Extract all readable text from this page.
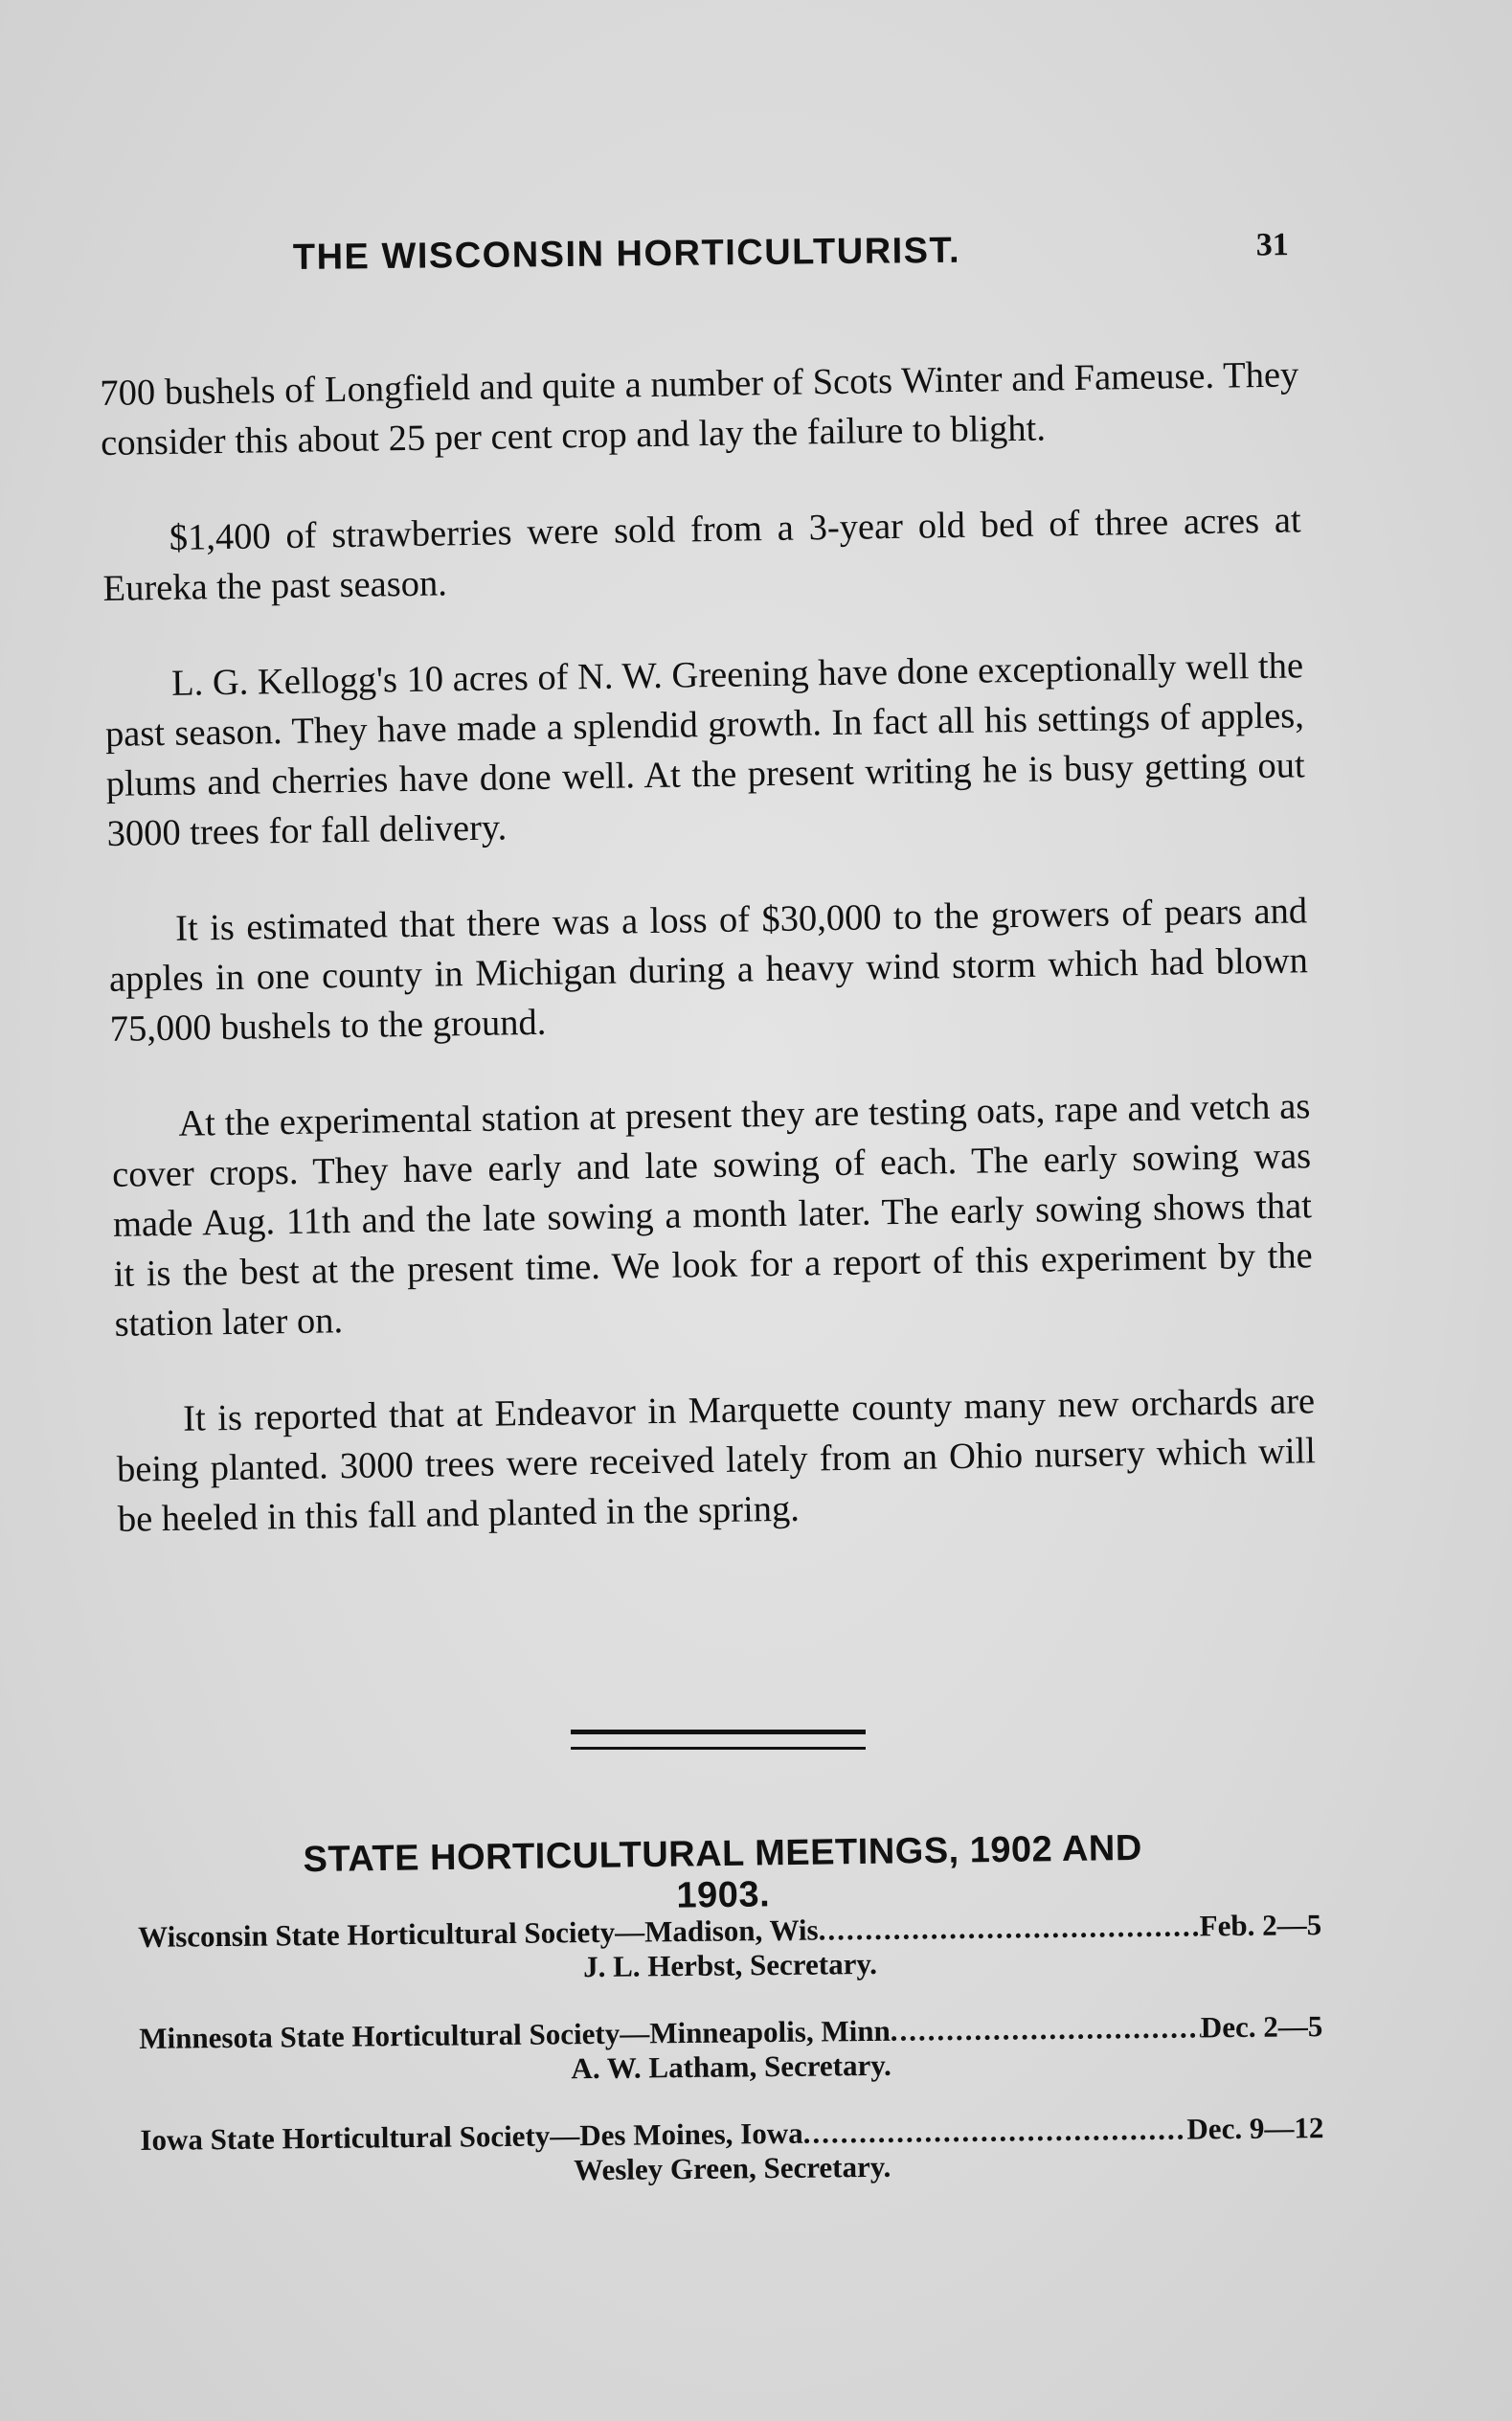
THE WISCONSIN HORTICULTURIST.	31

700 bushels of Longfield and quite a number of Scots Winter and Fameuse. They consider this about 25 per cent crop and lay the failure to blight.

$1,400 of strawberries were sold from a 3-year old bed of three acres at Eureka the past season.

L. G. Kellogg's 10 acres of N. W. Greening have done exceptionally well the past season. They have made a splendid growth. In fact all his settings of apples, plums and cherries have done well. At the present writing he is busy getting out 3000 trees for fall delivery.

It is estimated that there was a loss of $30,000 to the growers of pears and apples in one county in Michigan during a heavy wind storm which had blown 75,000 bushels to the ground.

At the experimental station at present they are testing oats, rape and vetch as cover crops. They have early and late sowing of each. The early sowing was made Aug. 11th and the late sowing a month later. The early sowing shows that it is the best at the present time. We look for a report of this experiment by the station later on.

It is reported that at Endeavor in Marquette county many new orchards are being planted. 3000 trees were received lately from an Ohio nursery which will be heeled in this fall and planted in the spring.

STATE HORTICULTURAL MEETINGS, 1902 AND 1903.
Wisconsin State Horticultural Society—Madison, Wis. .....	Feb. 2—5
J. L. Herbst, Secretary.
Minnesota State Horticultural Society—Minneapolis, Minn. .....	Dec. 2—5
A. W. Latham, Secretary.
Iowa State Horticultural Society—Des Moines, Iowa. .....	Dec. 9—12
Wesley Green, Secretary.
